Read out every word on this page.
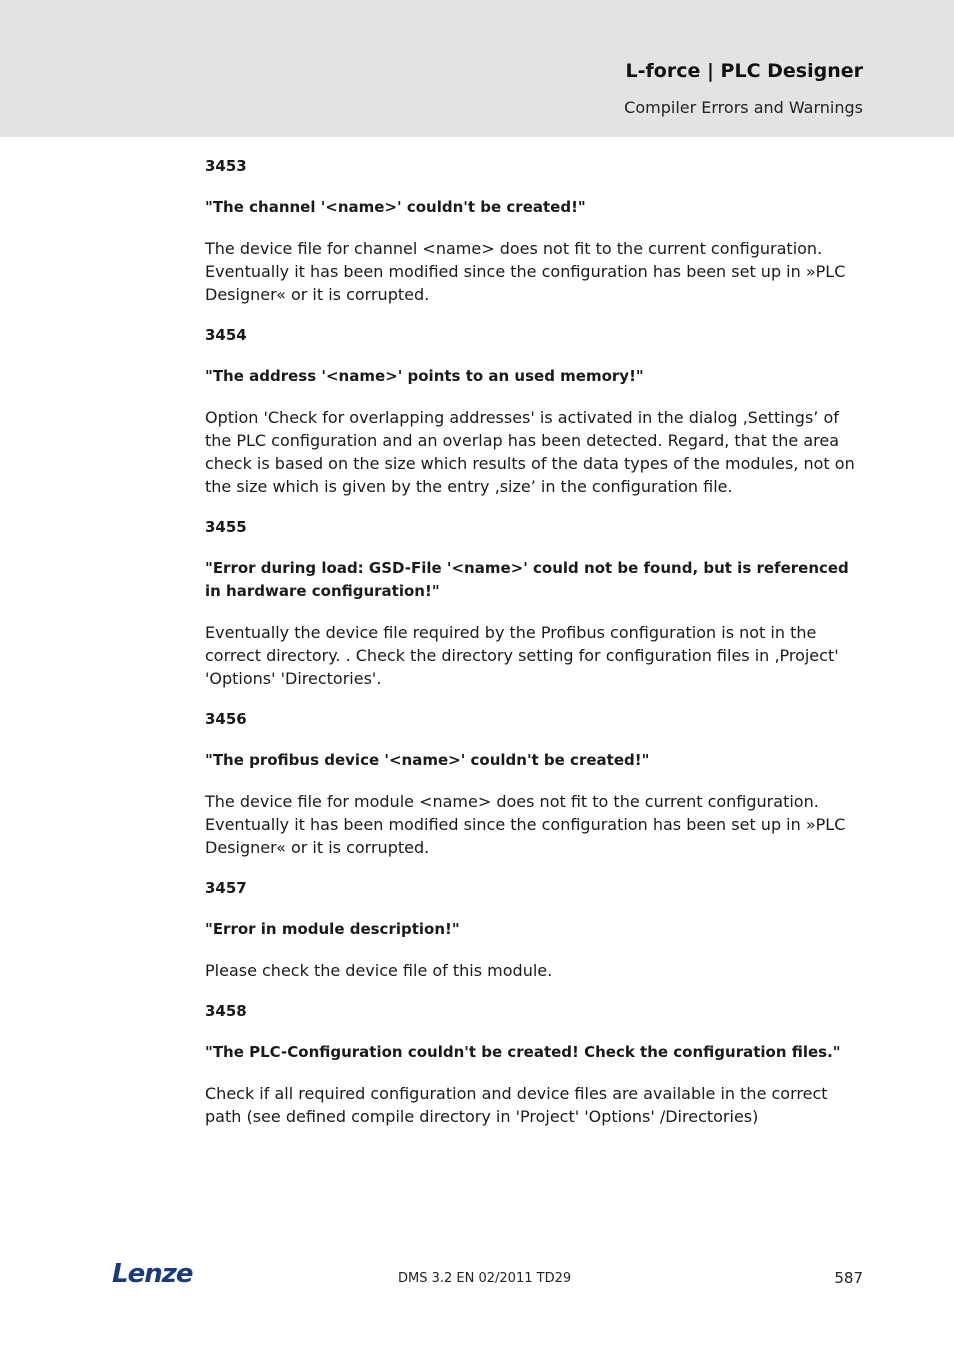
L-force | PLC Designer
Compiler Errors and Warnings

3453

"The channel '<name>' couldn't be created!"

The device file for channel <name> does not fit to the current configuration. Eventually it has been modified since the configuration has been set up in »PLC Designer« or it is corrupted.

3454

"The address '<name>' points to an used memory!"

Option 'Check for overlapping addresses' is activated in the dialog ‚Settings’ of the PLC configuration and an overlap has been detected. Regard, that the area check is based on the size which results of the data types of the modules, not on the size which is given by the entry ‚size’ in the configuration file.

3455

"Error during load: GSD-File '<name>' could not be found, but is referenced in hardware configuration!"

Eventually the device file required by the Profibus configuration is not in the correct directory. . Check the directory setting for configuration files in ‚Project' 'Options' 'Directories'.

3456

"The profibus device '<name>' couldn't be created!"

The device file for module <name> does not fit to the current configuration. Eventually it has been modified since the configuration has been set up in »PLC Designer« or it is corrupted.

3457

"Error in module description!"

Please check the device file of this module.

3458

"The PLC-Configuration couldn't be created! Check the configuration files."

Check if all required configuration and device files are available in the correct path (see defined compile directory in 'Project' 'Options' /Directories)

Lenze	DMS 3.2 EN 02/2011 TD29	587
